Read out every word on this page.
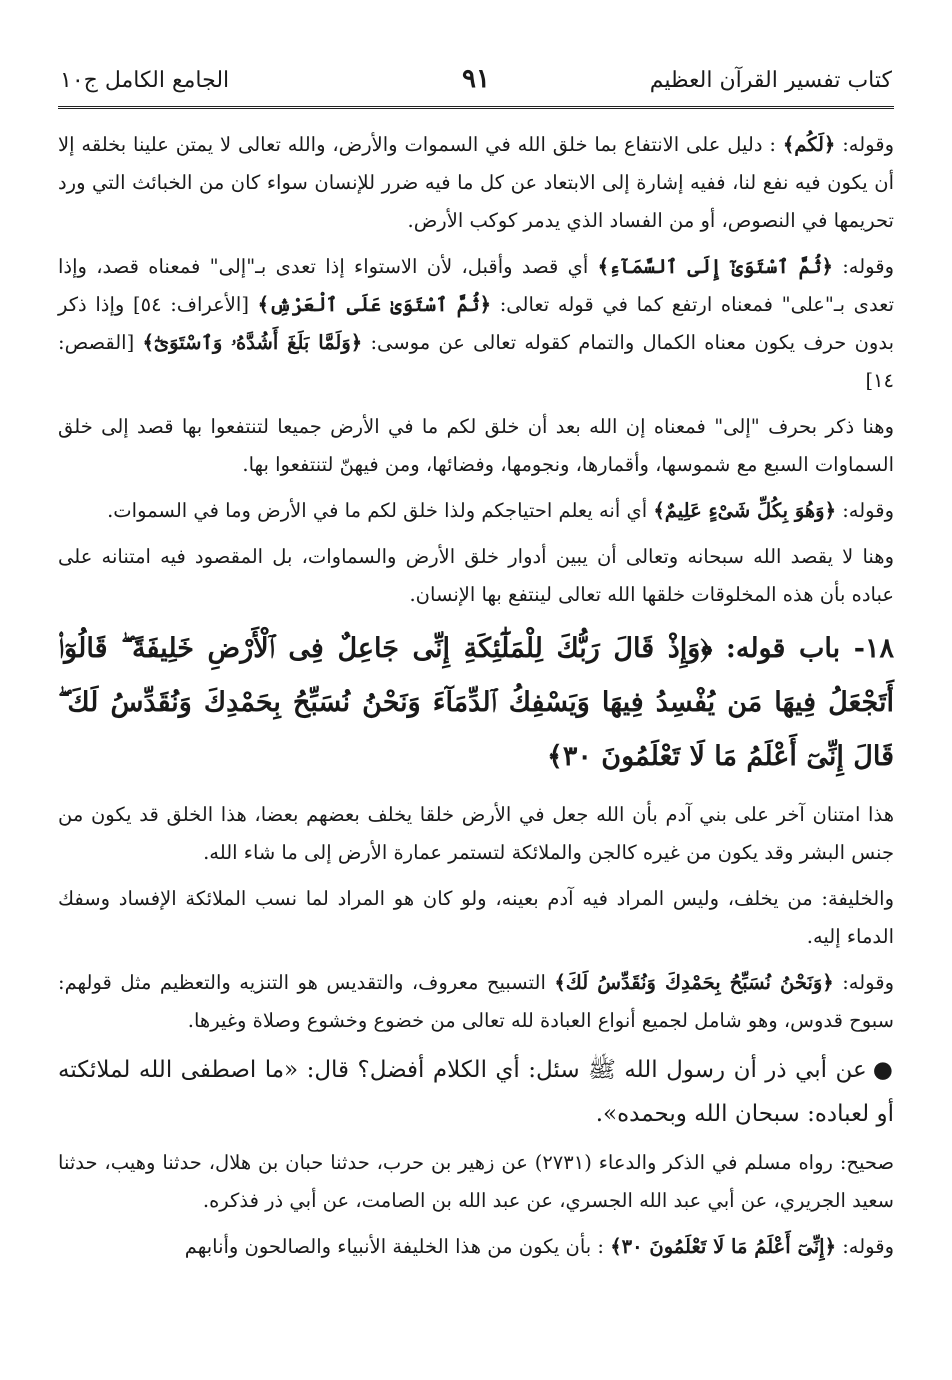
كتاب تفسير القرآن العظيم
٩١
الجامع الكامل ج١٠

وقوله: ﴿لَكُم﴾ : دليل على الانتفاع بما خلق الله في السموات والأرض، والله تعالى لا يمتن علينا بخلقه إلا أن يكون فيه نفع لنا، ففيه إشارة إلى الابتعاد عن كل ما فيه ضرر للإنسان سواء كان من الخبائث التي ورد تحريمها في النصوص، أو من الفساد الذي يدمر كوكب الأرض.

وقوله: ﴿ثُمَّ ٱسْتَوَىٰٓ إِلَى ٱلسَّمَآءِ﴾ أي قصد وأقبل، لأن الاستواء إذا تعدى بـ"إلى" فمعناه قصد، وإذا تعدى بـ"على" فمعناه ارتفع كما في قوله تعالى: ﴿ثُمَّ ٱسْتَوَىٰ عَلَى ٱلْعَرْشِ﴾ [الأعراف: ٥٤] وإذا ذكر بدون حرف يكون معناه الكمال والتمام كقوله تعالى عن موسى: ﴿وَلَمَّا بَلَغَ أَشُدَّهُۥ وَٱسْتَوَىٰٓ﴾ [القصص: ١٤]

وهنا ذكر بحرف "إلى" فمعناه إن الله بعد أن خلق لكم ما في الأرض جميعا لتنتفعوا بها قصد إلى خلق السماوات السبع مع شموسها، وأقمارها، ونجومها، وفضائها، ومن فيهنّ لتنتفعوا بها.

وقوله: ﴿وَهُوَ بِكُلِّ شَىْءٍ عَلِيمٌ﴾ أي أنه يعلم احتياجكم ولذا خلق لكم ما في الأرض وما في السموات.

وهنا لا يقصد الله سبحانه وتعالى أن يبين أدوار خلق الأرض والسماوات، بل المقصود فيه امتنانه على عباده بأن هذه المخلوقات خلقها الله تعالى لينتفع بها الإنسان.

١٨- باب قوله: ﴿وَإِذْ قَالَ رَبُّكَ لِلْمَلَٰٓئِكَةِ إِنِّى جَاعِلٌ فِى ٱلْأَرْضِ خَلِيفَةً ۖ قَالُوٓا۟ أَتَجْعَلُ فِيهَا مَن يُفْسِدُ فِيهَا وَيَسْفِكُ ٱلدِّمَآءَ وَنَحْنُ نُسَبِّحُ بِحَمْدِكَ وَنُقَدِّسُ لَكَ ۖ قَالَ إِنِّىٓ أَعْلَمُ مَا لَا تَعْلَمُونَ ٣٠﴾

هذا امتنان آخر على بني آدم بأن الله جعل في الأرض خلقا يخلف بعضهم بعضا، هذا الخلق قد يكون من جنس البشر وقد يكون من غيره كالجن والملائكة لتستمر عمارة الأرض إلى ما شاء الله.

والخليفة: من يخلف، وليس المراد فيه آدم بعينه، ولو كان هو المراد لما نسب الملائكة الإفساد وسفك الدماء إليه.

وقوله: ﴿وَنَحْنُ نُسَبِّحُ بِحَمْدِكَ وَنُقَدِّسُ لَكَ﴾ التسبيح معروف، والتقديس هو التنزيه والتعظيم مثل قولهم: سبوح قدوس، وهو شامل لجميع أنواع العبادة لله تعالى من خضوع وخشوع وصلاة وغيرها.

●عن أبي ذر أن رسول الله ﷺ سئل: أي الكلام أفضل؟ قال: «ما اصطفى الله لملائكته أو لعباده: سبحان الله وبحمده».

صحيح: رواه مسلم في الذكر والدعاء (٢٧٣١) عن زهير بن حرب، حدثنا حبان بن هلال، حدثنا وهيب، حدثنا سعيد الجريري، عن أبي عبد الله الجسري، عن عبد الله بن الصامت، عن أبي ذر فذكره.

وقوله: ﴿إِنِّىٓ أَعْلَمُ مَا لَا تَعْلَمُونَ ٣٠﴾ : بأن يكون من هذا الخليفة الأنبياء والصالحون وأنابهم
